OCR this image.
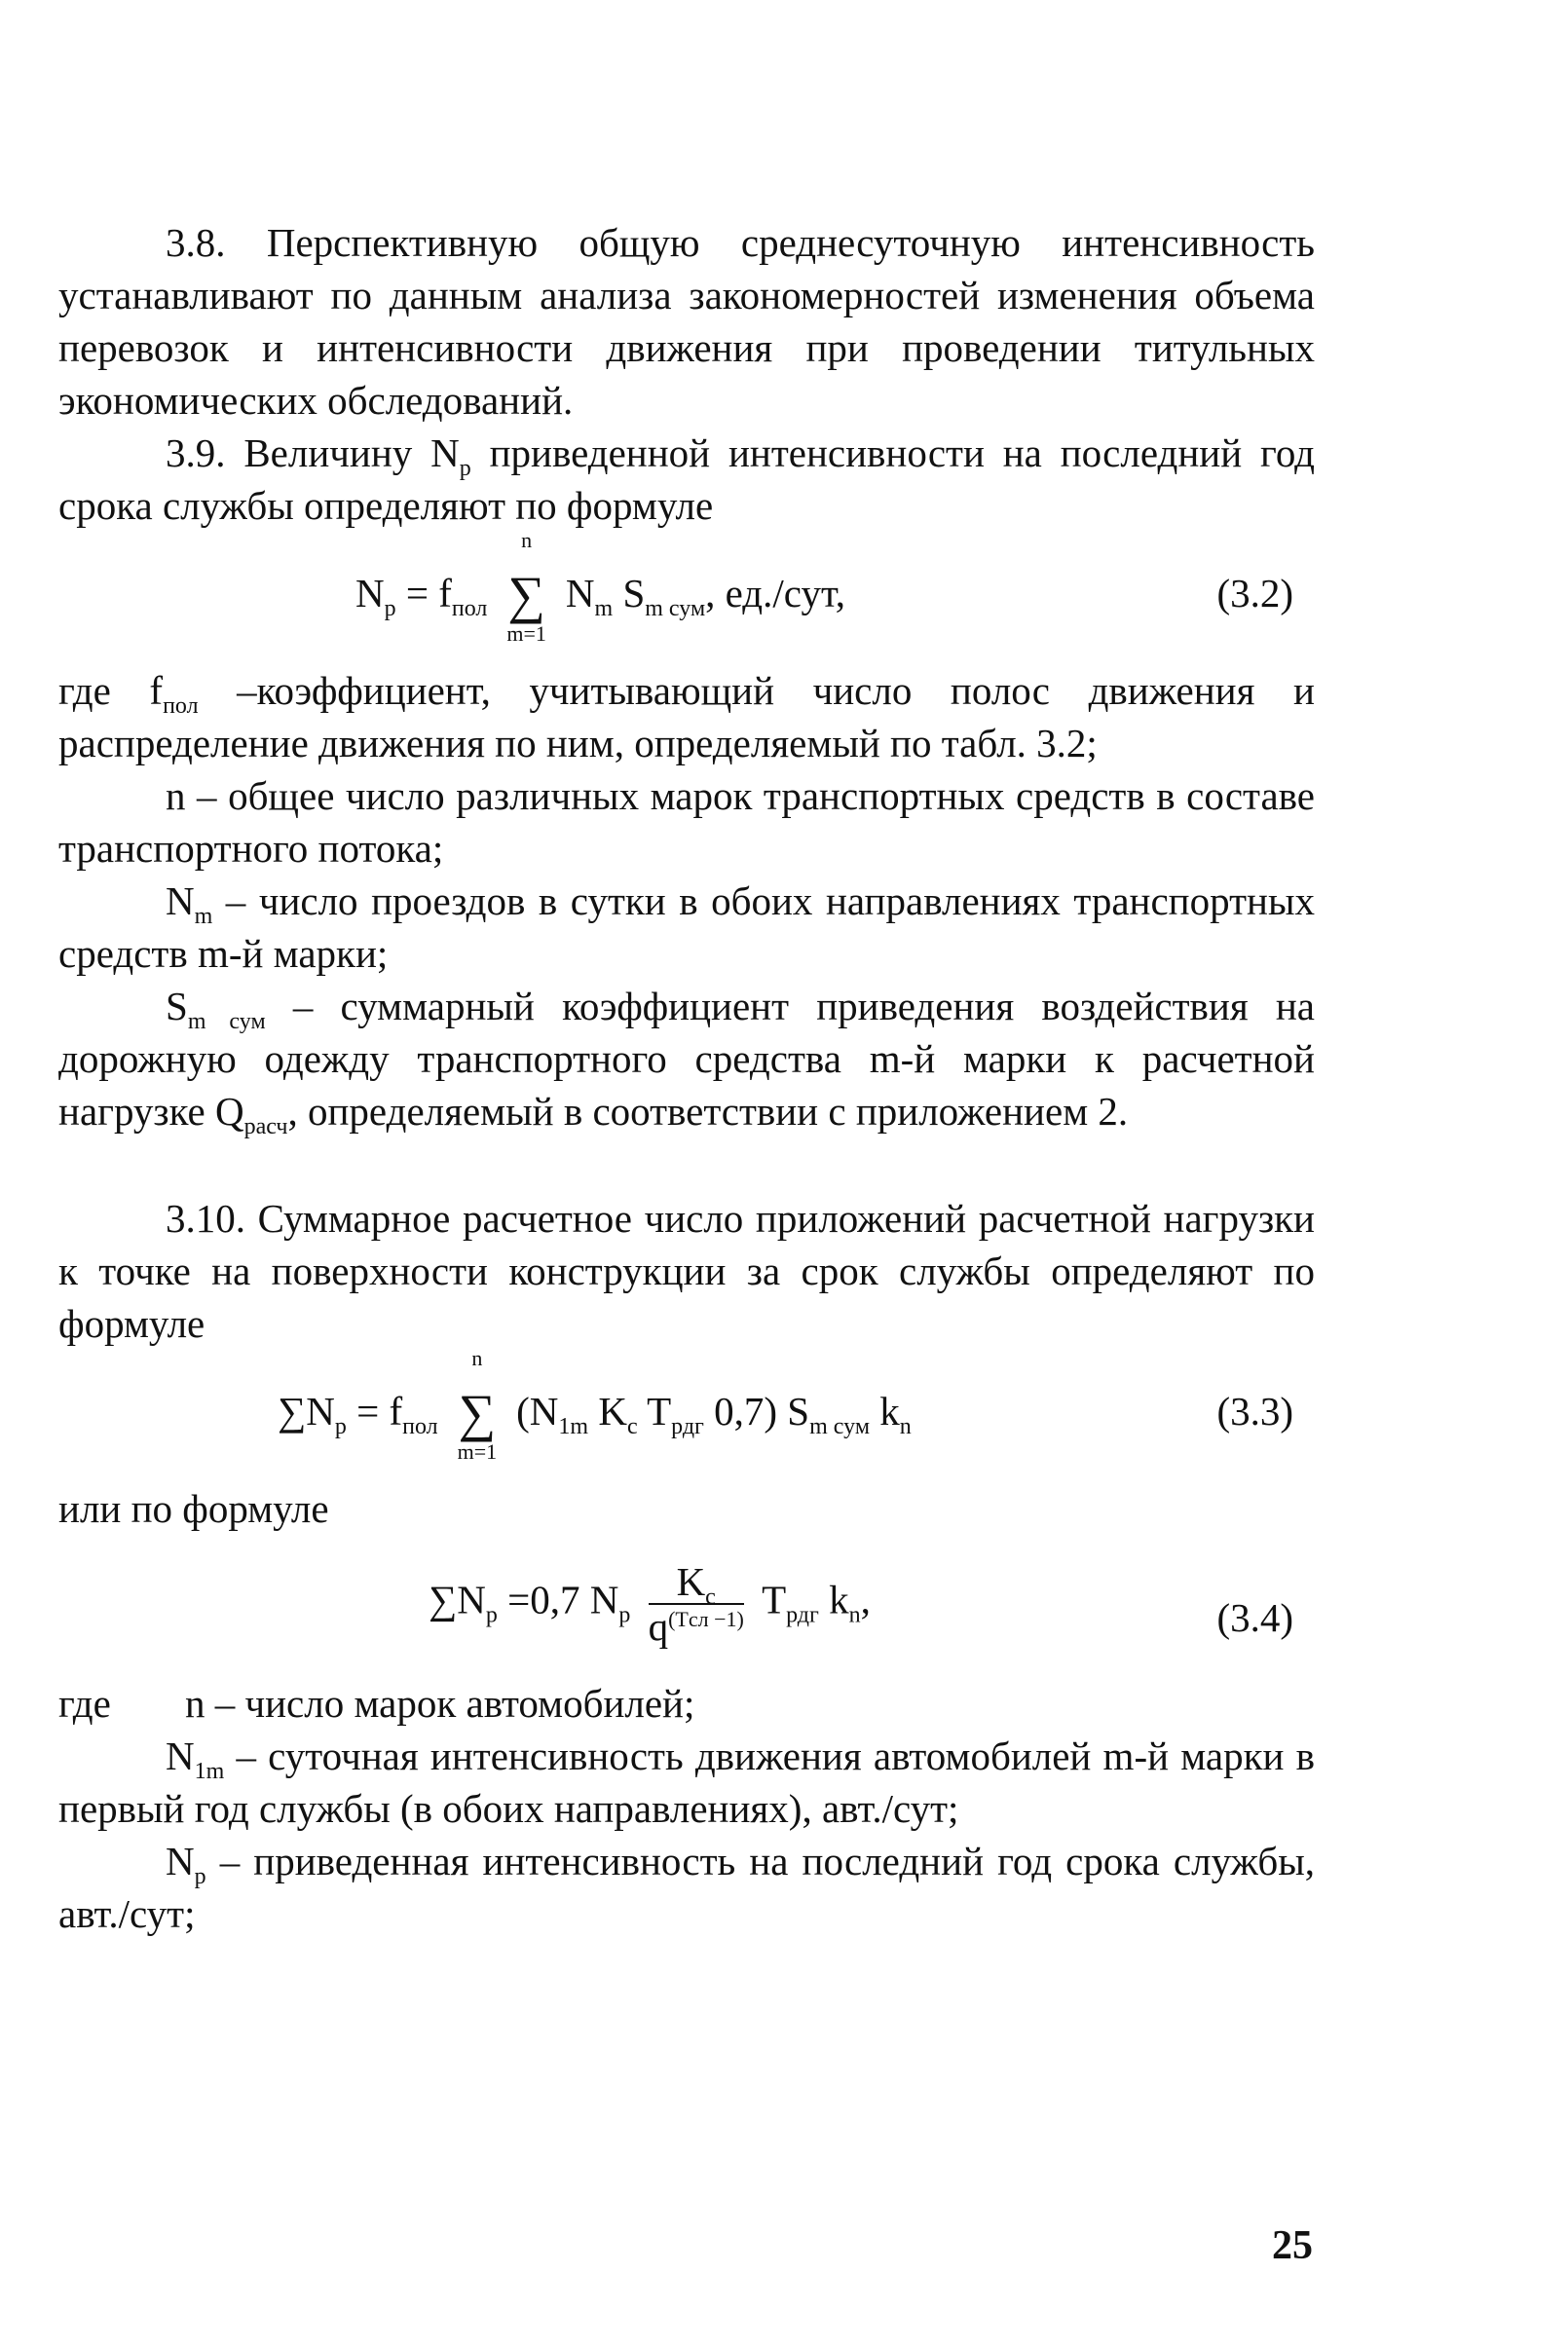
3.8. Перспективную общую среднесуточную интенсивность устанавливают по данным анализа закономерностей изменения объема перевозок и интенсивности движения при проведении титульных экономических обследований.

3.9. Величину $N_р$ приведенной интенсивности на последний год срока службы определяют по формуле

$N_р = f_{пол}$
n
∑
m=1
$N_m$ $S_{m сум}$, ед./сут,	(3.2)

где $f_{пол}$ –коэффициент, учитывающий число полос движения и распределение движения по ним, определяемый по табл. 3.2;

n – общее число различных марок транспортных средств в составе транспортного потока;

$N_m$ – число проездов в сутки в обоих направлениях транспортных средств m-й марки;

$S_{m сум}$ – суммарный коэффициент приведения воздействия на дорожную одежду транспортного средства m-й марки к расчетной нагрузке $Q_{расч}$, определяемый в соответствии с приложением 2.

3.10. Суммарное расчетное число приложений расчетной нагрузки к точке на поверхности конструкции за срок службы определяют по формуле

$\sum N_р = f_{пол}$
n
∑
m=1
($N_{1m}$ $K_c$ $T_{рдг}$ 0,7) $S_{m сум}$ $k_n$	(3.3)

или по формуле

$\sum N_р =0,7$ $N_р \frac{K_c}{q^{(Tсл -1)}} T_{рдг}$ $k_n$,	(3.4)
где	n – число марок автомобилей;

$N_{1m}$ – суточная интенсивность движения автомобилей m-й марки в первый год службы (в обоих направлениях), авт./сут;

$N_р$ – приведенная интенсивность на последний год срока службы, авт./сут;

25
